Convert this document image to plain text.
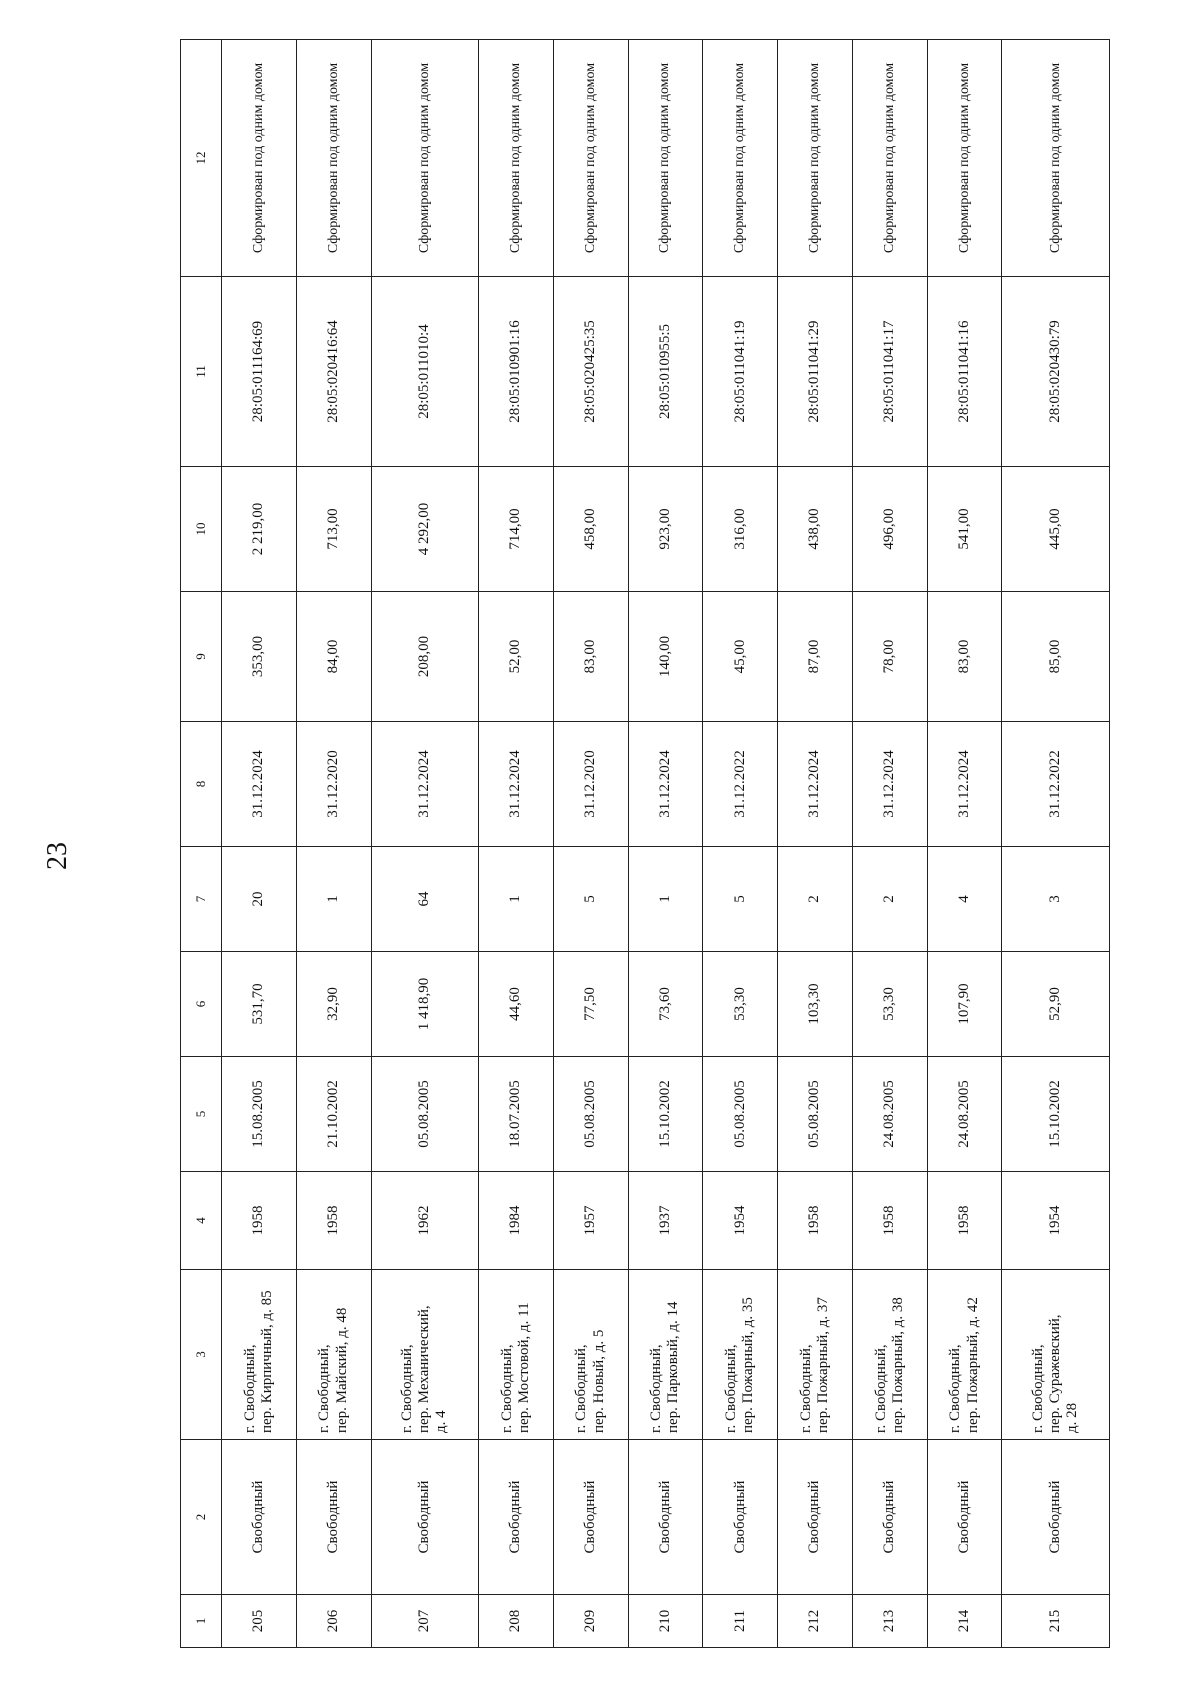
23
1	2	3	4	5	6	7	8	9	10	11	12
205	Свободный	г. Свободный, пер. Кирпичный, д. 85	1958	15.08.2005	531,70	20	31.12.2024	353,00	2 219,00	28:05:011164:69	Сформирован под одним домом
206	Свободный	г. Свободный, пер. Майский, д. 48	1958	21.10.2002	32,90	1	31.12.2020	84,00	713,00	28:05:020416:64	Сформирован под одним домом
207	Свободный	г. Свободный, пер. Механический, д. 4	1962	05.08.2005	1 418,90	64	31.12.2024	208,00	4 292,00	28:05:011010:4	Сформирован под одним домом
208	Свободный	г. Свободный, пер. Мостовой, д. 11	1984	18.07.2005	44,60	1	31.12.2024	52,00	714,00	28:05:010901:16	Сформирован под одним домом
209	Свободный	г. Свободный, пер. Новый, д. 5	1957	05.08.2005	77,50	5	31.12.2020	83,00	458,00	28:05:020425:35	Сформирован под одним домом
210	Свободный	г. Свободный, пер. Парковый, д. 14	1937	15.10.2002	73,60	1	31.12.2024	140,00	923,00	28:05:010955:5	Сформирован под одним домом
211	Свободный	г. Свободный, пер. Пожарный, д. 35	1954	05.08.2005	53,30	5	31.12.2022	45,00	316,00	28:05:011041:19	Сформирован под одним домом
212	Свободный	г. Свободный, пер. Пожарный, д. 37	1958	05.08.2005	103,30	2	31.12.2024	87,00	438,00	28:05:011041:29	Сформирован под одним домом
213	Свободный	г. Свободный, пер. Пожарный, д. 38	1958	24.08.2005	53,30	2	31.12.2024	78,00	496,00	28:05:011041:17	Сформирован под одним домом
214	Свободный	г. Свободный, пер. Пожарный, д. 42	1958	24.08.2005	107,90	4	31.12.2024	83,00	541,00	28:05:011041:16	Сформирован под одним домом
215	Свободный	г. Свободный, пер. Суражевский, д. 28	1954	15.10.2002	52,90	3	31.12.2022	85,00	445,00	28:05:020430:79	Сформирован под одним домом
